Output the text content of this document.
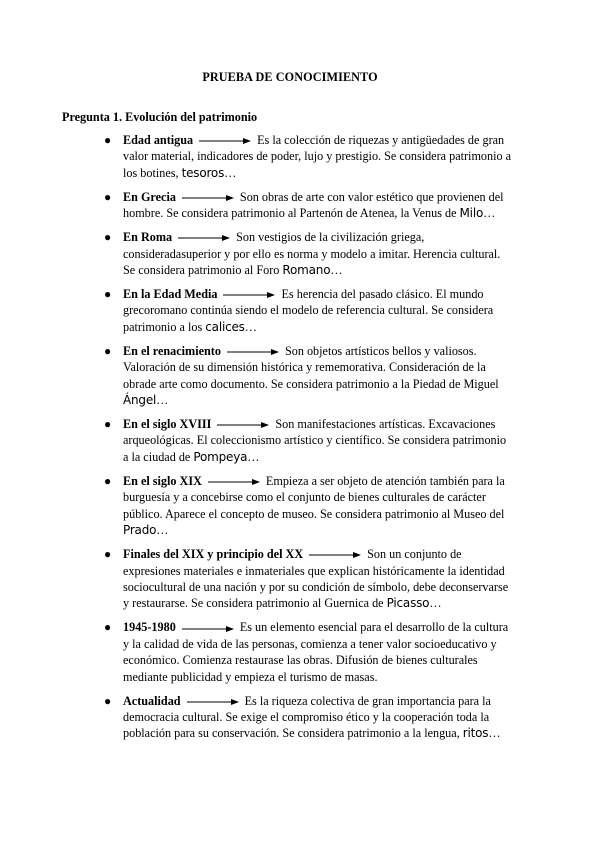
PRUEBA DE CONOCIMIENTO
Pregunta 1. Evolución del patrimonio
● Edad antigua	Es la colección de riquezas y antigüedades de gran valor material, indicadores de poder, lujo y prestigio. Se considera patrimonio a los botines, tesoros…
● En Grecia	Son obras de arte con valor estético que provienen del hombre. Se considera patrimonio al Partenón de Atenea, la Venus de Milo…
● En Roma	Son vestigios de la civilización griega, consideradasuperior y por ello es norma y modelo a imitar. Herencia cultural. Se considera patrimonio al Foro Romano…
● En la Edad Media	Es herencia del pasado clásico. El mundo grecoromano continúa siendo el modelo de referencia cultural. Se considera patrimonio a los calices…
● En el renacimiento	Son objetos artísticos bellos y valiosos. Valoración de su dimensión histórica y rememorativa. Consideración de la obrade arte como documento. Se considera patrimonio a la Piedad de Miguel Ángel…
● En el siglo XVIII	Son manifestaciones artísticas. Excavaciones arqueológicas. El coleccionismo artístico y científico. Se considera patrimonio a la ciudad de Pompeya…
● En el siglo XIX	Empieza a ser objeto de atención también para la burguesía y a concebirse como el conjunto de bienes culturales de carácter público. Aparece el concepto de museo. Se considera patrimonio al Museo del Prado…
● Finales del XIX y principio del XX	Son un conjunto de expresiones materiales e inmateriales que explican históricamente la identidad sociocultural de una nación y por su condición de símbolo, debe deconservarse y restaurarse. Se considera patrimonio al Guernica de Picasso…
● 1945-1980	Es un elemento esencial para el desarrollo de la cultura y la calidad de vida de las personas, comienza a tener valor socioeducativo y económico. Comienza restaurase las obras. Difusión de bienes culturales mediante publicidad y empieza el turismo de masas.
● Actualidad	Es la riqueza colectiva de gran importancia para la democracia cultural. Se exige el compromiso ético y la cooperación toda la población para su conservación. Se considera patrimonio a la lengua, ritos…
